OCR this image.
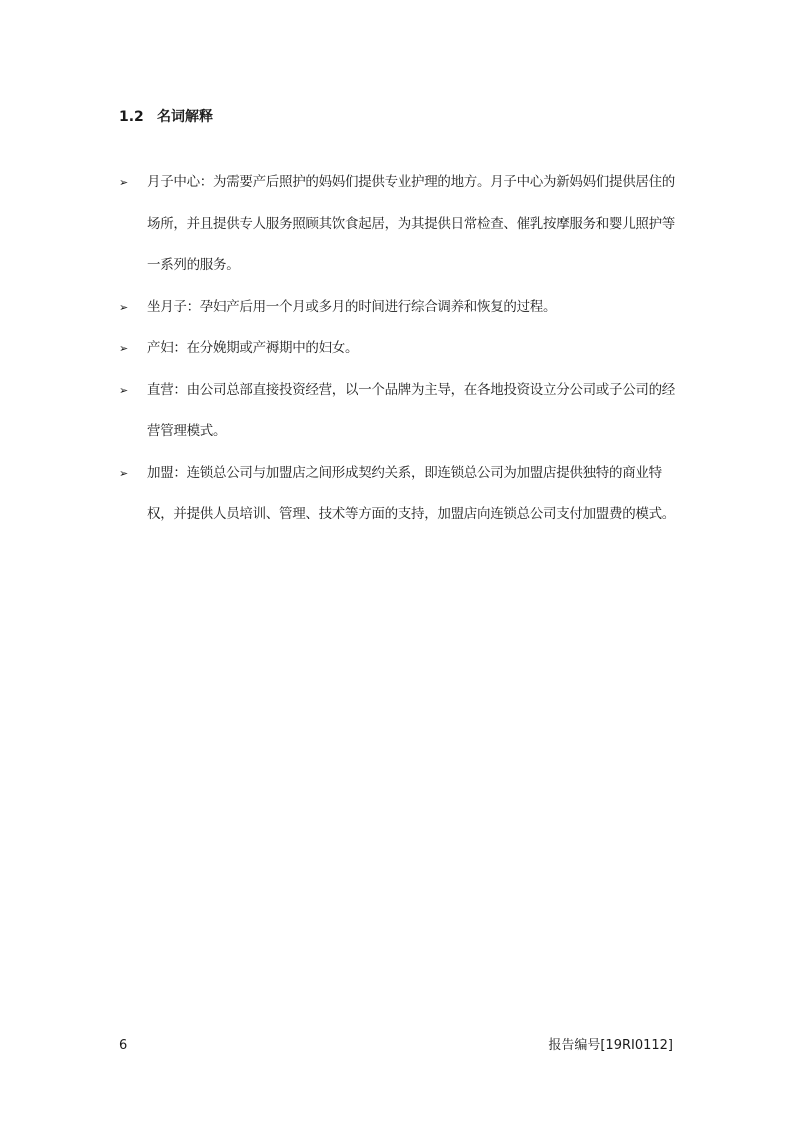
1.2 名词解释
➢	月子中心：为需要产后照护的妈妈们提供专业护理的地方。月子中心为新妈妈们提供居住的场所，并且提供专人服务照顾其饮食起居，为其提供日常检查、催乳按摩服务和婴儿照护等一系列的服务。
➢	坐月子：孕妇产后用一个月或多月的时间进行综合调养和恢复的过程。
➢	产妇：在分娩期或产褥期中的妇女。
➢	直营：由公司总部直接投资经营，以一个品牌为主导，在各地投资设立分公司或子公司的经营管理模式。
➢	加盟：连锁总公司与加盟店之间形成契约关系，即连锁总公司为加盟店提供独特的商业特权，并提供人员培训、管理、技术等方面的支持，加盟店向连锁总公司支付加盟费的模式。
6	报告编号[19RI0112]
